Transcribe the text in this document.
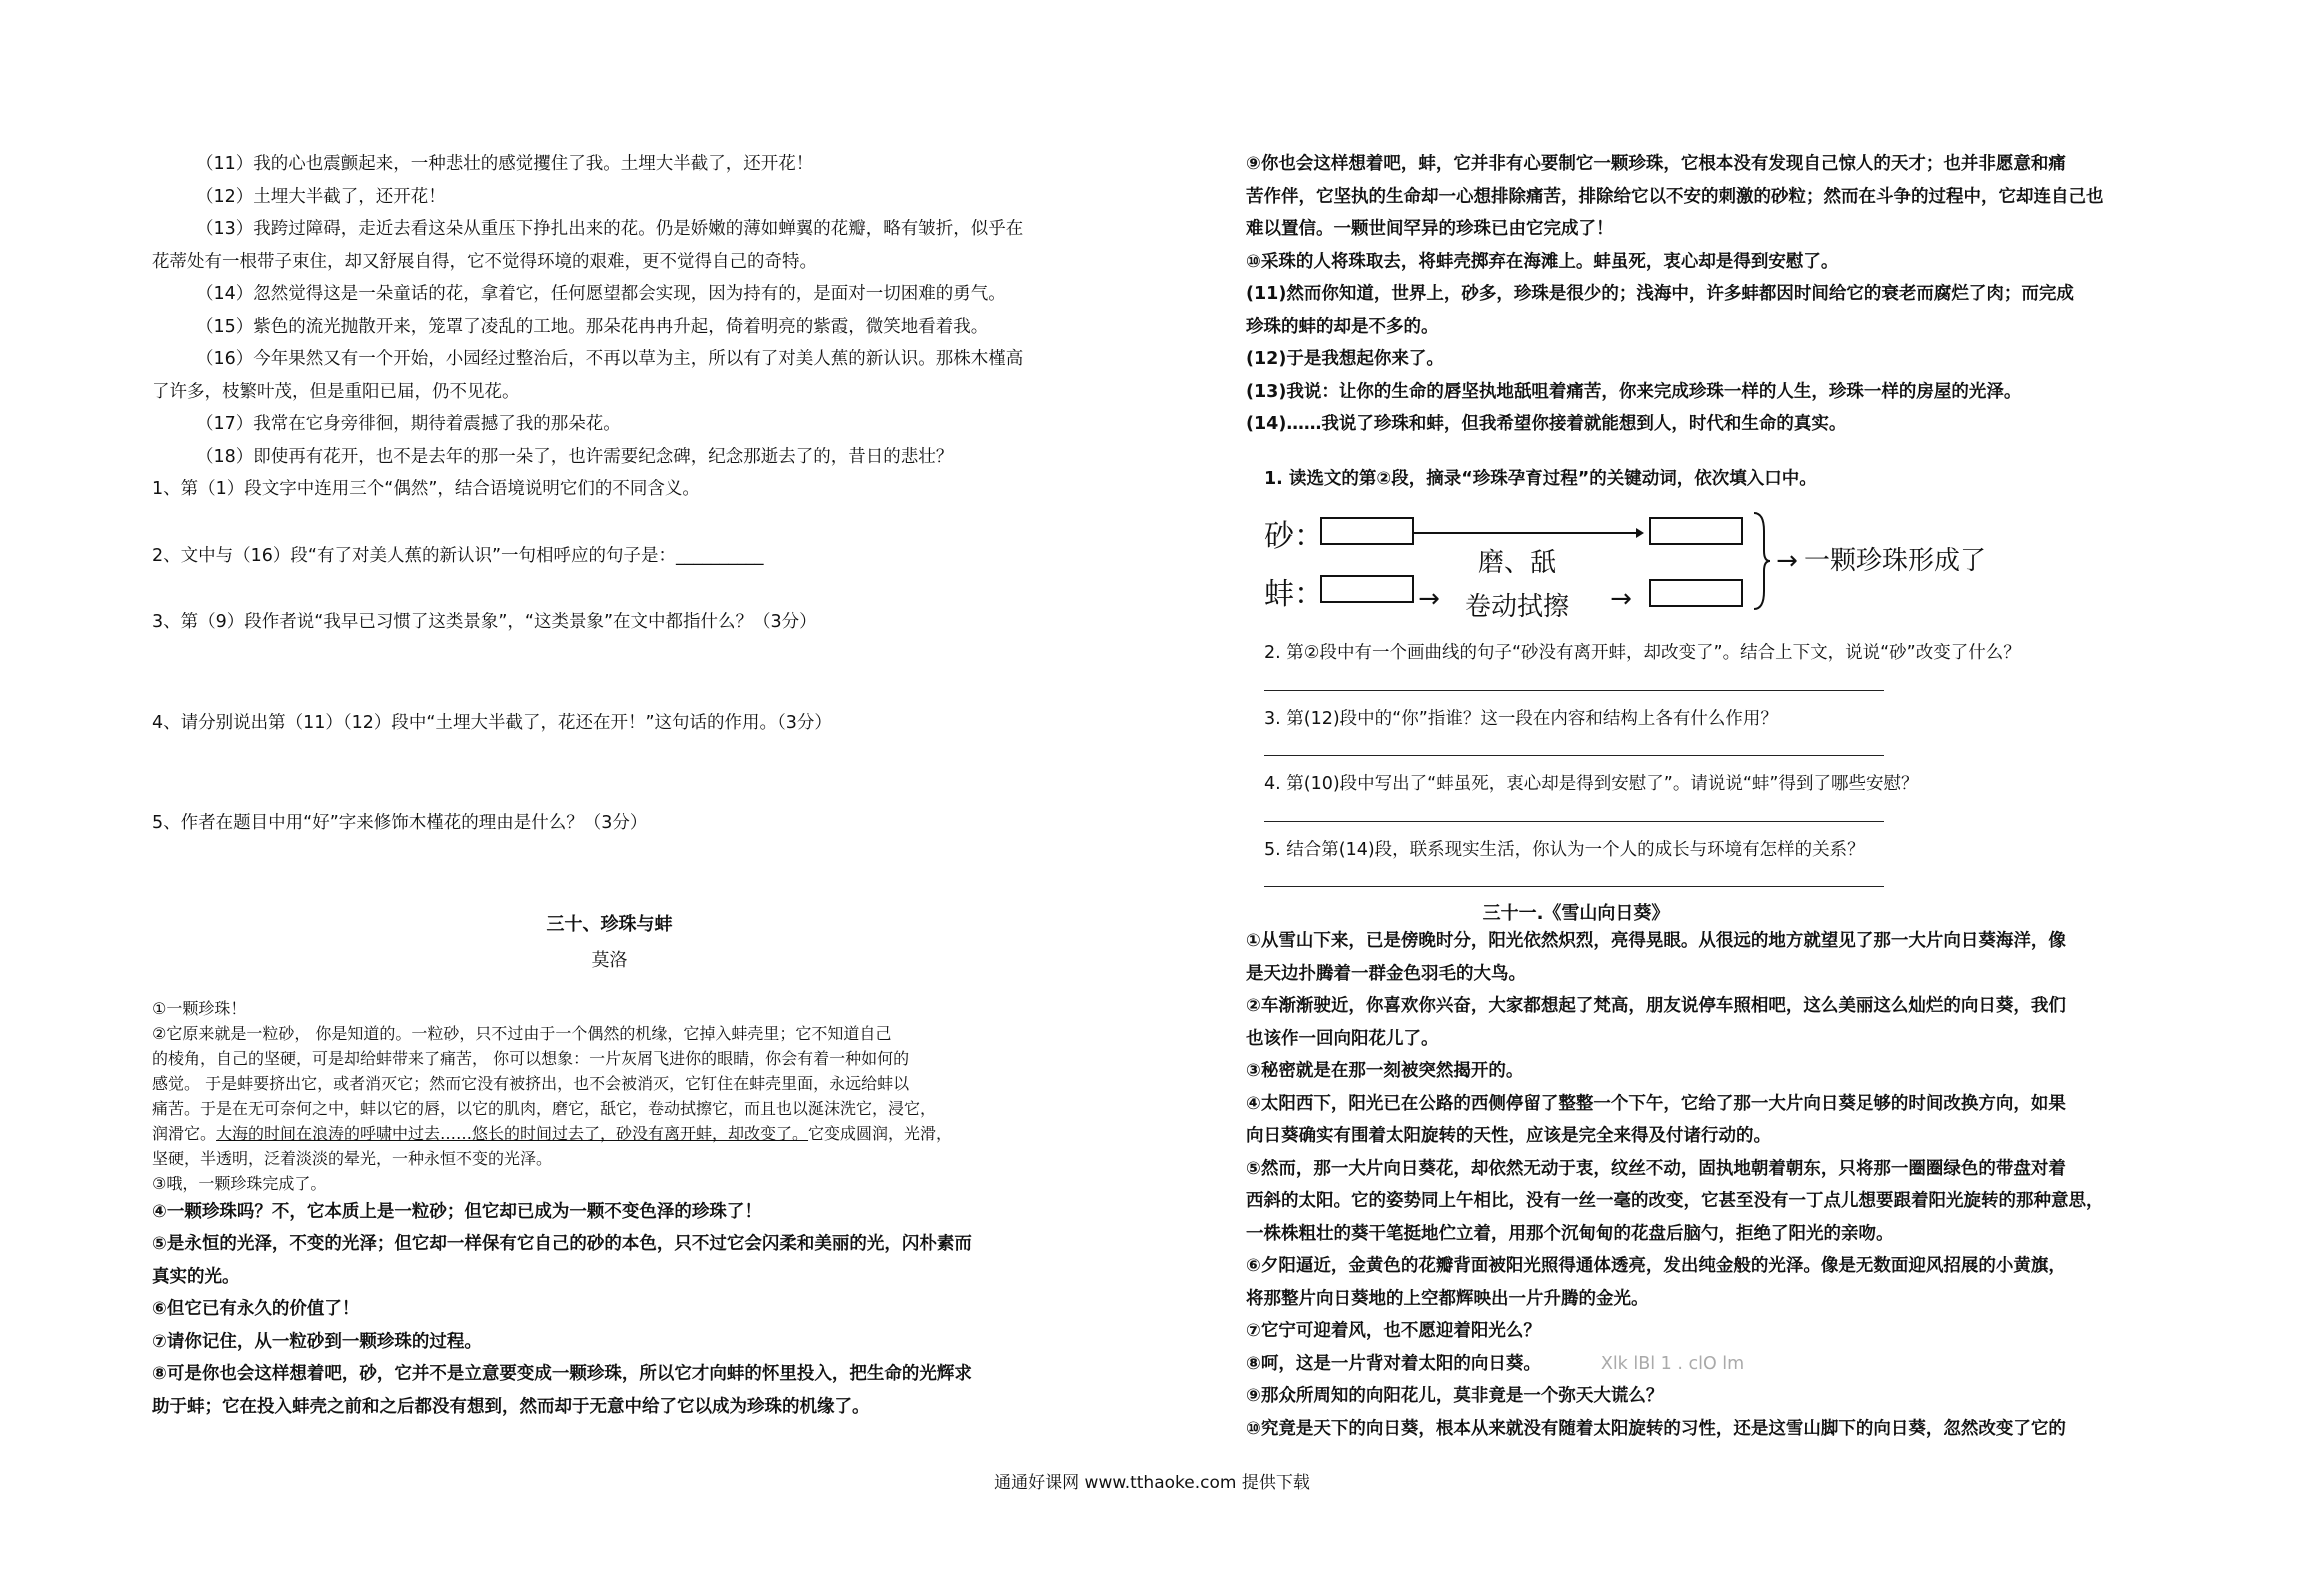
（11）我的心也震颤起来，一种悲壮的感觉攫住了我。土埋大半截了，还开花！
（12）土埋大半截了，还开花！
（13）我跨过障碍，走近去看这朵从重压下挣扎出来的花。仍是娇嫩的薄如蝉翼的花瓣，略有皱折，似乎在
花蒂处有一根带子束住，却又舒展自得，它不觉得环境的艰难，更不觉得自己的奇特。
（14）忽然觉得这是一朵童话的花，拿着它，任何愿望都会实现，因为持有的，是面对一切困难的勇气。
（15）紫色的流光抛散开来，笼罩了凌乱的工地。那朵花冉冉升起，倚着明亮的紫霞，微笑地看着我。
（16）今年果然又有一个开始，小园经过整治后，不再以草为主，所以有了对美人蕉的新认识。那株木槿高
了许多，枝繁叶茂，但是重阳已届，仍不见花。
（17）我常在它身旁徘徊，期待着震撼了我的那朵花。
（18）即使再有花开，也不是去年的那一朵了，也许需要纪念碑，纪念那逝去了的，昔日的悲壮？
1、第（1）段文字中连用三个“偶然”，结合语境说明它们的不同含义。
2、文中与（16）段“有了对美人蕉的新认识”一句相呼应的句子是：__________
3、第（9）段作者说“我早已习惯了这类景象”，“这类景象”在文中都指什么？（3分）
4、请分别说出第（11）（12）段中“土埋大半截了，花还在开！”这句话的作用。（3分）
5、作者在题目中用“好”字来修饰木槿花的理由是什么？（3分）
三十、珍珠与蚌
莫洛
①一颗珍珠！
②它原来就是一粒砂， 你是知道的。一粒砂，只不过由于一个偶然的机缘，它掉入蚌壳里；它不知道自己
的棱角，自己的坚硬，可是却给蚌带来了痛苦， 你可以想象：一片灰屑飞进你的眼睛，你会有着一种如何的
感觉。 于是蚌要挤出它，或者消灭它；然而它没有被挤出，也不会被消灭，它钉住在蚌壳里面，永远给蚌以
痛苦。于是在无可奈何之中，蚌以它的唇，以它的肌肉，磨它，舐它，卷动拭擦它，而且也以涎沫洗它，浸它，
润滑它。大海的时间在浪涛的呼啸中过去……悠长的时间过去了，砂没有离开蚌，却改变了。它变成圆润，光滑，
坚硬，半透明，泛着淡淡的晕光，一种永恒不变的光泽。
③哦，一颗珍珠完成了。
④一颗珍珠吗？不，它本质上是一粒砂；但它却已成为一颗不变色泽的珍珠了！
⑤是永恒的光泽，不变的光泽；但它却一样保有它自己的砂的本色，只不过它会闪柔和美丽的光，闪朴素而
真实的光。
⑥但它已有永久的价值了！
⑦请你记住，从一粒砂到一颗珍珠的过程。
⑧可是你也会这样想着吧，砂，它并不是立意要变成一颗珍珠，所以它才向蚌的怀里投入，把生命的光辉求
助于蚌；它在投入蚌壳之前和之后都没有想到，然而却于无意中给了它以成为珍珠的机缘了。
⑨你也会这样想着吧，蚌，它并非有心要制它一颗珍珠，它根本没有发现自己惊人的天才；也并非愿意和痛
苦作伴，它坚执的生命却一心想排除痛苦，排除给它以不安的刺激的砂粒；然而在斗争的过程中，它却连自己也
难以置信。一颗世间罕异的珍珠已由它完成了！
⑩采珠的人将珠取去，将蚌壳掷弃在海滩上。蚌虽死，衷心却是得到安慰了。
(11)然而你知道，世界上，砂多，珍珠是很少的；浅海中，许多蚌都因时间给它的衰老而腐烂了肉；而完成
珍珠的蚌的却是不多的。
(12)于是我想起你来了。
(13)我说：让你的生命的唇坚执地舐咀着痛苦，你来完成珍珠一样的人生，珍珠一样的房屋的光泽。
(14)……我说了珍珠和蚌，但我希望你接着就能想到人，时代和生命的真实。
1. 读选文的第②段，摘录“珍珠孕育过程”的关键动词，依次填入口中。
砂：
蚌：	→
磨、舐
卷动拭擦	→
→ 一颗珍珠形成了
2. 第②段中有一个画曲线的句子“砂没有离开蚌，却改变了”。结合上下文，说说“砂”改变了什么？
3. 第(12)段中的“你”指谁？这一段在内容和结构上各有什么作用？
4. 第(10)段中写出了“蚌虽死，衷心却是得到安慰了”。请说说“蚌”得到了哪些安慰？
5. 结合第(14)段，联系现实生活，你认为一个人的成长与环境有怎样的关系？
三十一.《雪山向日葵》
①从雪山下来，已是傍晚时分，阳光依然炽烈，亮得晃眼。从很远的地方就望见了那一大片向日葵海洋，像
是天边扑腾着一群金色羽毛的大鸟。
②车渐渐驶近，你喜欢你兴奋，大家都想起了梵高，朋友说停车照相吧，这么美丽这么灿烂的向日葵，我们
也该作一回向阳花儿了。
③秘密就是在那一刻被突然揭开的。
④太阳西下，阳光已在公路的西侧停留了整整一个下午，它给了那一大片向日葵足够的时间改换方向，如果
向日葵确实有围着太阳旋转的天性，应该是完全来得及付诸行动的。
⑤然而，那一大片向日葵花，却依然无动于衷，纹丝不动，固执地朝着朝东，只将那一圈圈绿色的带盘对着
西斜的太阳。它的姿势同上午相比，没有一丝一毫的改变，它甚至没有一丁点儿想要跟着阳光旋转的那种意思，
一株株粗壮的葵干笔挺地伫立着，用那个沉甸甸的花盘后脑勺，拒绝了阳光的亲吻。
⑥夕阳逼近，金黄色的花瓣背面被阳光照得通体透亮，发出纯金般的光泽。像是无数面迎风招展的小黄旗，
将那整片向日葵地的上空都辉映出一片升腾的金光。
⑦它宁可迎着风，也不愿迎着阳光么？
⑧呵，这是一片背对着太阳的向日葵。	Xlk lBl 1 . clO lm
⑨那众所周知的向阳花儿，莫非竟是一个弥天大谎么？
⑩究竟是天下的向日葵，根本从来就没有随着太阳旋转的习性，还是这雪山脚下的向日葵，忽然改变了它的
通通好课网 www.tthaoke.com 提供下载
